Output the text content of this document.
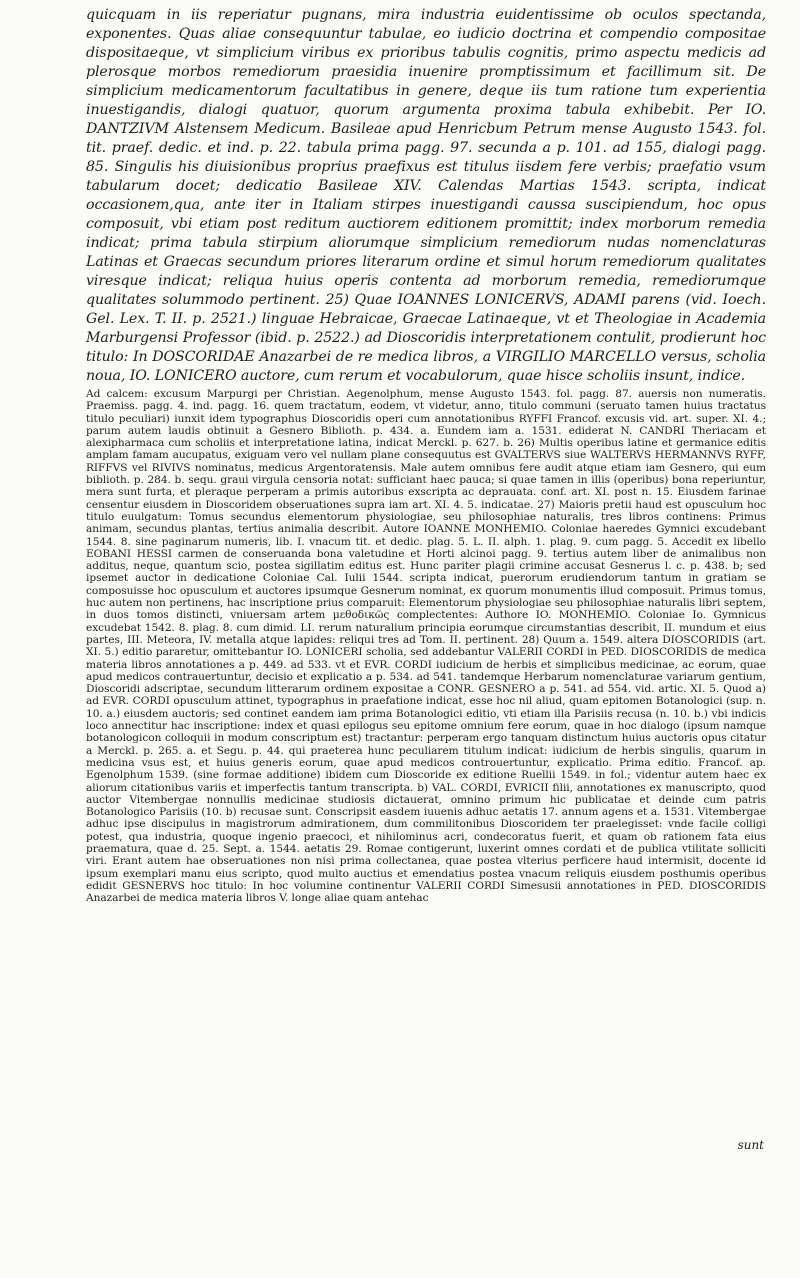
quicquam in iis reperiatur pugnans, mira industria euidentissime ob oculos spectanda, exponentes. Quas aliae consequuntur tabulae, eo iudicio doctrina et compendio compositae dispositaeque, vt simplicium viribus ex prioribus tabulis cognitis, primo aspectu medicis ad plerosque morbos remediorum praesidia inuenire promptissimum et facillimum sit. De simplicium medicamentorum facultatibus in genere, deque iis tum ratione tum experientia inuestigandis, dialogi quatuor, quorum argumenta proxima tabula exhibebit. Per IO. DANTZIVM Alstensem Medicum. Basileae apud Henricbum Petrum mense Augusto 1543. fol. tit. praef. dedic. et ind. p. 22. tabula prima pagg. 97. secunda a p. 101. ad 155, dialogi pagg. 85. Singulis his diuisionibus proprius praefixus est titulus iisdem fere verbis; praefatio vsum tabularum docet; dedicatio Basileae XIV. Calendas Martias 1543. scripta, indicat occasionem,qua, ante iter in Italiam stirpes inuestigandi caussa suscipiendum, hoc opus composuit, vbi etiam post reditum auctiorem editionem promittit; index morborum remedia indicat; prima tabula stirpium aliorumque simplicium remediorum nudas nomenclaturas Latinas et Graecas secundum priores literarum ordine et simul horum remediorum qualitates viresque indicat; reliqua huius operis contenta ad morborum remedia, remediorumque qualitates solummodo pertinent. 25) Quae IOANNES LONICERVS, ADAMI parens (vid. Ioech. Gel. Lex. T. II. p. 2521.) linguae Hebraicae, Graecae Latinaeque, vt et Theologiae in Academia Marburgensi Professor (ibid. p. 2522.) ad Dioscoridis interpretationem contulit, prodierunt hoc titulo: In DOSCORIDAE Anazarbei de re medica libros, a VIRGILIO MARCELLO versus, scholia noua, IO. LONICERO auctore, cum rerum et vocabulorum, quae hisce scholiis insunt, indice.

Ad calcem: excusum Marpurgi per Christian. Aegenolphum, mense Augusto 1543. fol. pagg. 87. auersis non numeratis. Praemiss. pagg. 4. ind. pagg. 16. quem tractatum, eodem, vt videtur, anno, titulo communi (seruato tamen huius tractatus titulo peculiari) iunxit idem typographus Dioscoridis operi cum annotationibus RYFFI Francof. excusis vid. art. super. XI. 4.; parum autem laudis obtinuit a Gesnero Biblioth. p. 434. a. Eundem iam a. 1531. ediderat N. CANDRI Theriacam et alexipharmaca cum scholiis et interpretatione latina, indicat Merckl. p. 627. b. 26) Multis operibus latine et germanice editis amplam famam aucupatus, exiguam vero vel nullam plane consequutus est GVALTERVS siue WALTERVS HERMANNVS RYFF, RIFFVS vel RIVIVS nominatus, medicus Argentoratensis. Male autem omnibus fere audit atque etiam iam Gesnero, qui eum biblioth. p. 284. b. sequ. graui virgula censoria notat: sufficiant haec pauca; si quae tamen in illis (operibus) bona reperiuntur, mera sunt furta, et pleraque perperam a primis autoribus exscripta ac deprauata. conf. art. XI. post n. 15. Eiusdem farinae censentur eiusdem in Dioscoridem obseruationes supra iam art. XI. 4. 5. indicatae. 27) Maioris pretii haud est opusculum hoc titulo euulgatum: Tomus secundus elementorum physiologiae, seu philosophiae naturalis, tres libros continens: Primus animam, secundus plantas, tertius animalia describit. Autore IOANNE MONHEMIO. Coloniae haeredes Gymnici excudebant 1544. 8. sine paginarum numeris, lib. I. vnacum tit. et dedic. plag. 5. L. II. alph. 1. plag. 9. cum pagg. 5. Accedit ex libello EOBANI HESSI carmen de conseruanda bona valetudine et Horti alcinoi pagg. 9. tertius autem liber de animalibus non additus, neque, quantum scio, postea sigillatim editus est. Hunc pariter plagii crimine accusat Gesnerus l. c. p. 438. b; sed ipsemet auctor in dedicatione Coloniae Cal. Iulii 1544. scripta indicat, puerorum erudiendorum tantum in gratiam se composuisse hoc opusculum et auctores ipsumque Gesnerum nominat, ex quorum monumentis illud composuit. Primus tomus, huc autem non pertinens, hac inscriptione prius comparuit: Elementorum physiologiae seu philosophiae naturalis libri septem, in duos tomos distincti, vniuersam artem μεθοδικῶς complectentes: Authore IO. MONHEMIO. Coloniae Io. Gymnicus excudebat 1542. 8. plag. 8. cum dimid. LI. rerum naturalium principia eorumque circumstantias describit, II. mundum et eius partes, III. Meteora, IV. metalla atque lapides: reliqui tres ad Tom. II. pertinent. 28) Quum a. 1549. altera DIOSCORIDIS (art. XI. 5.) editio pararetur, omittebantur IO. LONICERI scholia, sed addebantur VALERII CORDI in PED. DIOSCORIDIS de medica materia libros annotationes a p. 449. ad 533. vt et EVR. CORDI iudicium de herbis et simplicibus medicinae, ac eorum, quae apud medicos contrauertuntur, decisio et explicatio a p. 534. ad 541. tandemque Herbarum nomenclaturae variarum gentium, Dioscoridi adscriptae, secundum litterarum ordinem expositae a CONR. GESNERO a p. 541. ad 554. vid. artic. XI. 5. Quod a) ad EVR. CORDI opusculum attinet, typographus in praefatione indicat, esse hoc nil aliud, quam epitomen Botanologici (sup. n. 10. a.) eiusdem auctoris; sed continet eandem iam prima Botanologici editio, vti etiam illa Parisiis recusa (n. 10. b.) vbi indicis loco annectitur hac inscriptione: index et quasi epilogus seu epitome omnium fere eorum, quae in hoc dialogo (ipsum namque botanologicon colloquii in modum conscriptum est) tractantur: perperam ergo tanquam distinctum huius auctoris opus citatur a Merckl. p. 265. a. et Segu. p. 44. qui praeterea hunc peculiarem titulum indicat: iudicium de herbis singulis, quarum in medicina vsus est, et huius generis eorum, quae apud medicos controuertuntur, explicatio. Prima editio. Francof. ap. Egenolphum 1539. (sine formae additione) ibidem cum Dioscoride ex editione Ruellii 1549. in fol.; videntur autem haec ex aliorum citationibus variis et imperfectis tantum transcripta. b) VAL. CORDI, EVRICII filii, annotationes ex manuscripto, quod auctor Vitembergae nonnullis medicinae studiosis dictauerat, omnino primum hic publicatae et deinde cum patris Botanologico Parisiis (10. b) recusae sunt. Conscripsit easdem iuuenis adhuc aetatis 17. annum agens et a. 1531. Vitembergae adhuc ipse discipulus in magistrorum admirationem, dum commilitonibus Dioscoridem ter praelegisset: vnde facile colligi potest, qua industria, quoque ingenio praecoci, et nihilominus acri, condecoratus fuerit, et quam ob rationem fata eius praematura, quae d. 25. Sept. a. 1544. aetatis 29. Romae contigerunt, luxerint omnes cordati et de publica vtilitate solliciti viri. Erant autem hae obseruationes non nisi prima collectanea, quae postea vlterius perficere haud intermisit, docente id ipsum exemplari manu eius scripto, quod multo auctius et emendatius postea vnacum reliquis eiusdem posthumis operibus edidit GESNERVS hoc titulo: In hoc volumine continentur VALERII CORDI Simesusii annotationes in PED. DIOSCORIDIS Anazarbei de medica materia libros V. longe aliae quam antehac

sunt
